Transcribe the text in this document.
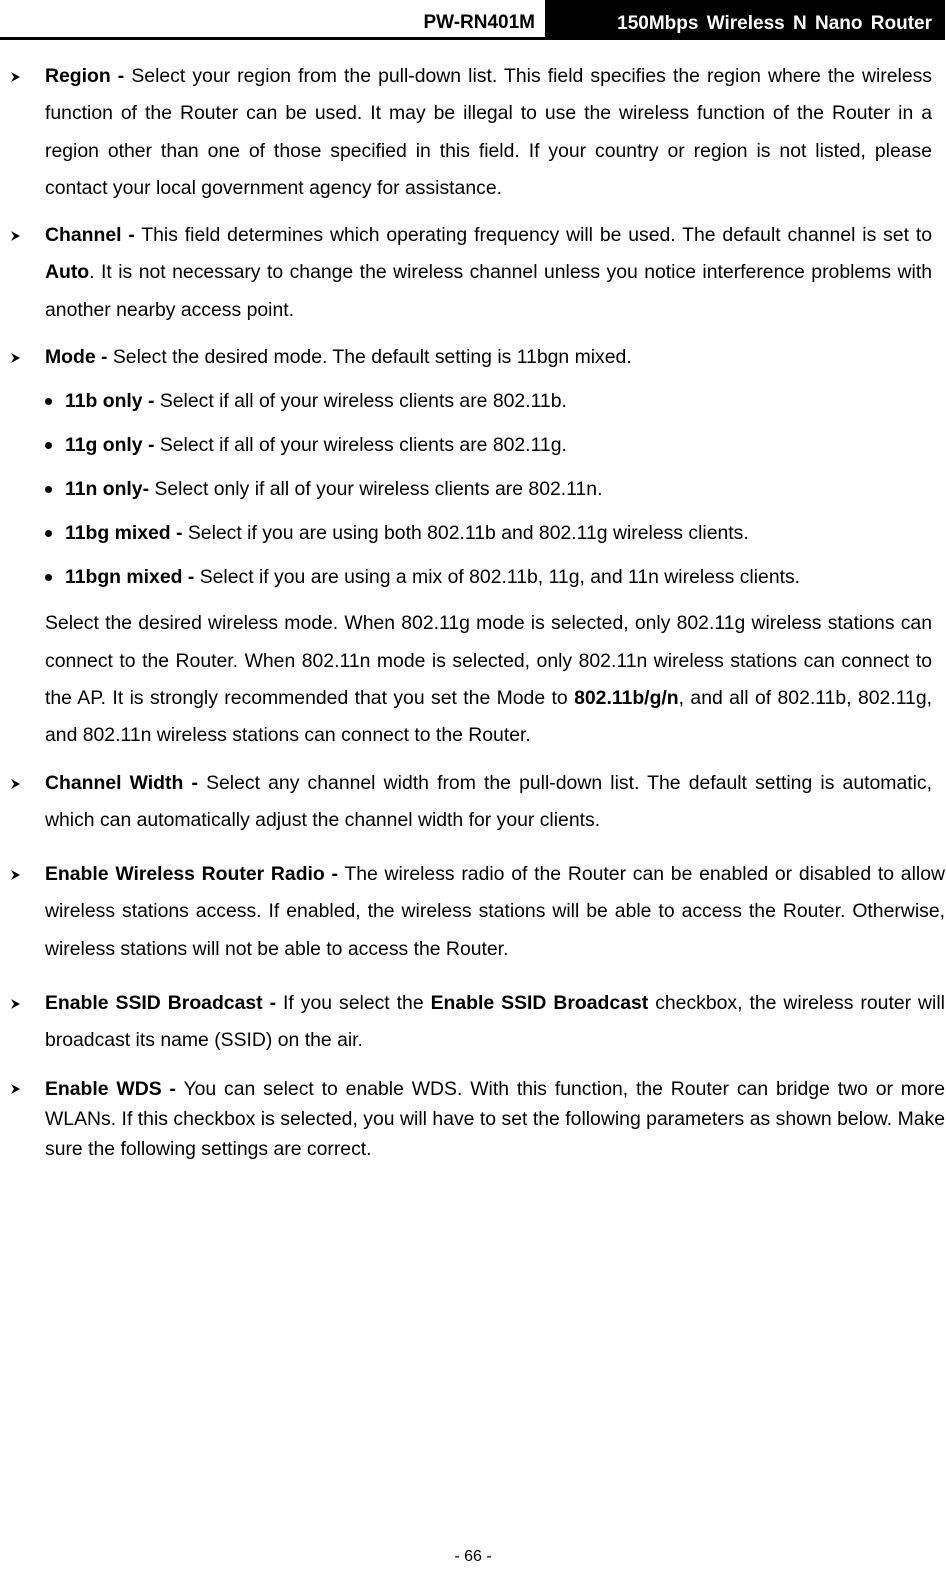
PW-RN401M	150Mbps Wireless N Nano Router
Region - Select your region from the pull-down list. This field specifies the region where the wireless function of the Router can be used. It may be illegal to use the wireless function of the Router in a region other than one of those specified in this field. If your country or region is not listed, please contact your local government agency for assistance.
Channel - This field determines which operating frequency will be used. The default channel is set to Auto. It is not necessary to change the wireless channel unless you notice interference problems with another nearby access point.
Mode - Select the desired mode. The default setting is 11bgn mixed.
11b only - Select if all of your wireless clients are 802.11b.
11g only - Select if all of your wireless clients are 802.11g.
11n only- Select only if all of your wireless clients are 802.11n.
11bg mixed - Select if you are using both 802.11b and 802.11g wireless clients.
11bgn mixed - Select if you are using a mix of 802.11b, 11g, and 11n wireless clients.
Select the desired wireless mode. When 802.11g mode is selected, only 802.11g wireless stations can connect to the Router. When 802.11n mode is selected, only 802.11n wireless stations can connect to the AP. It is strongly recommended that you set the Mode to 802.11b/g/n, and all of 802.11b, 802.11g, and 802.11n wireless stations can connect to the Router.
Channel Width - Select any channel width from the pull-down list. The default setting is automatic, which can automatically adjust the channel width for your clients.
Enable Wireless Router Radio - The wireless radio of the Router can be enabled or disabled to allow wireless stations access. If enabled, the wireless stations will be able to access the Router. Otherwise, wireless stations will not be able to access the Router.
Enable SSID Broadcast - If you select the Enable SSID Broadcast checkbox, the wireless router will broadcast its name (SSID) on the air.
Enable WDS - You can select to enable WDS. With this function, the Router can bridge two or more WLANs. If this checkbox is selected, you will have to set the following parameters as shown below. Make sure the following settings are correct.
- 66 -
